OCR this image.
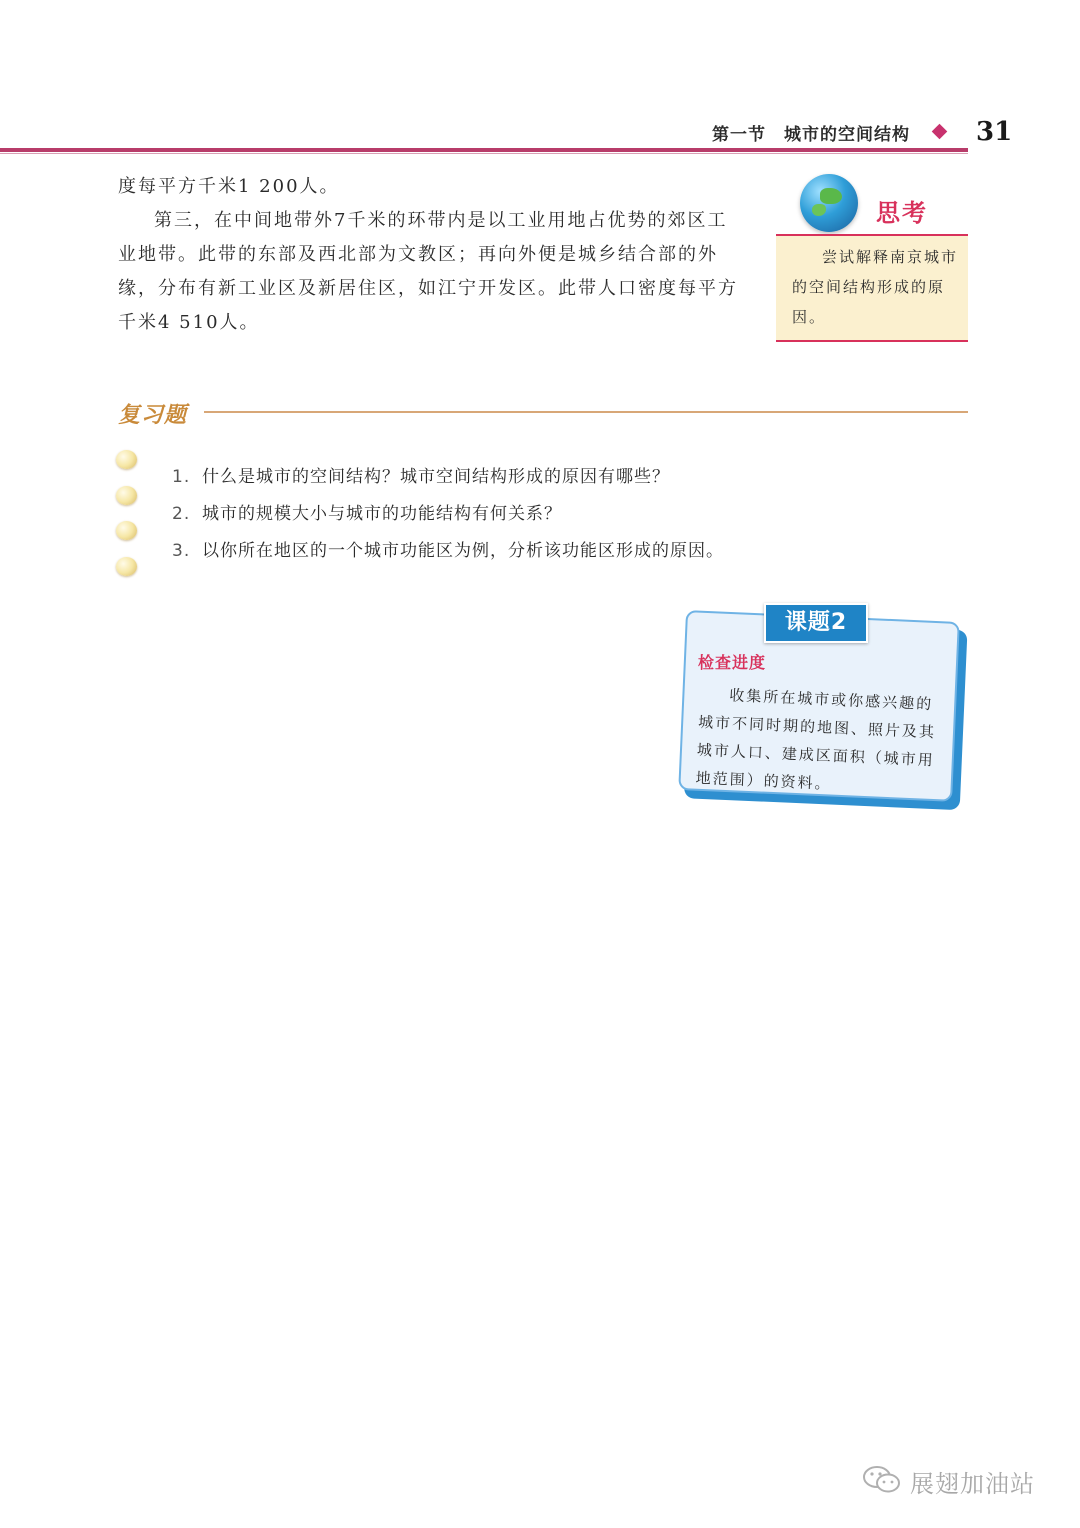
第一节　城市的空间结构	31

度每平方千米1 200人。

第三，在中间地带外7千米的环带内是以工业用地占优势的郊区工业地带。此带的东部及西北部为文教区；再向外便是城乡结合部的外缘，分布有新工业区及新居住区，如江宁开发区。此带人口密度每平方千米4 510人。

思考

尝试解释南京城市的空间结构形成的原因。

复习题
1. 什么是城市的空间结构？城市空间结构形成的原因有哪些？
2. 城市的规模大小与城市的功能结构有何关系？
3. 以你所在地区的一个城市功能区为例，分析该功能区形成的原因。
课题2
检查进度

收集所在城市或你感兴趣的城市不同时期的地图、照片及其城市人口、建成区面积（城市用地范围）的资料。

展翅加油站
